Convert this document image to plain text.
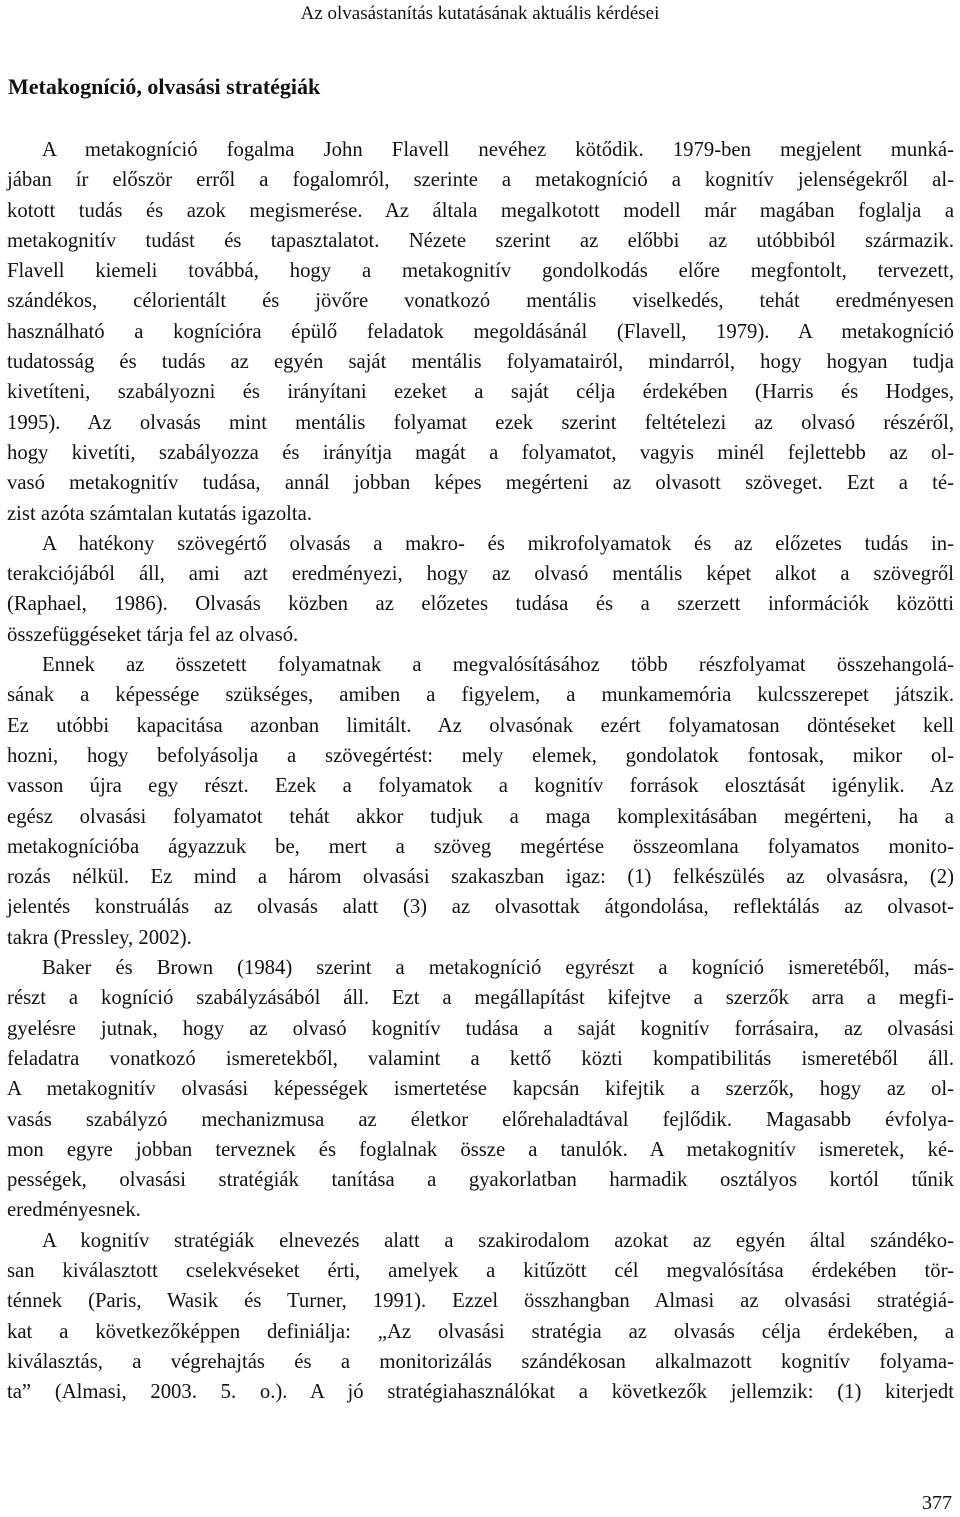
Az olvasástanítás kutatásának aktuális kérdései
Metakogníció, olvasási stratégiák

A metakogníció fogalma John Flavell nevéhez kötődik. 1979-ben megjelent munká-
jában ír először erről a fogalomról, szerinte a metakogníció a kognitív jelenségekről al-
kotott tudás és azok megismerése. Az általa megalkotott modell már magában foglalja a
metakognitív tudást és tapasztalatot. Nézete szerint az előbbi az utóbbiból származik.
Flavell kiemeli továbbá, hogy a metakognitív gondolkodás előre megfontolt, tervezett,
szándékos, célorientált és jövőre vonatkozó mentális viselkedés, tehát eredményesen
használható a kognícióra épülő feladatok megoldásánál (Flavell, 1979). A metakogníció
tudatosság és tudás az egyén saját mentális folyamatairól, mindarról, hogy hogyan tudja
kivetíteni, szabályozni és irányítani ezeket a saját célja érdekében (Harris és Hodges,
1995). Az olvasás mint mentális folyamat ezek szerint feltételezi az olvasó részéről,
hogy kivetíti, szabályozza és irányítja magát a folyamatot, vagyis minél fejlettebb az ol-
vasó metakognitív tudása, annál jobban képes megérteni az olvasott szöveget. Ezt a té-
zist azóta számtalan kutatás igazolta.

A hatékony szövegértő olvasás a makro- és mikrofolyamatok és az előzetes tudás in-
terakciójából áll, ami azt eredményezi, hogy az olvasó mentális képet alkot a szövegről
(Raphael, 1986). Olvasás közben az előzetes tudása és a szerzett információk közötti
összefüggéseket tárja fel az olvasó.

Ennek az összetett folyamatnak a megvalósításához több részfolyamat összehangolá-
sának a képessége szükséges, amiben a figyelem, a munkamemória kulcsszerepet játszik.
Ez utóbbi kapacitása azonban limitált. Az olvasónak ezért folyamatosan döntéseket kell
hozni, hogy befolyásolja a szövegértést: mely elemek, gondolatok fontosak, mikor ol-
vasson újra egy részt. Ezek a folyamatok a kognitív források elosztását igénylik. Az
egész olvasási folyamatot tehát akkor tudjuk a maga komplexitásában megérteni, ha a
metakognícióba ágyazzuk be, mert a szöveg megértése összeomlana folyamatos monito-
rozás nélkül. Ez mind a három olvasási szakaszban igaz: (1) felkészülés az olvasásra, (2)
jelentés konstruálás az olvasás alatt (3) az olvasottak átgondolása, reflektálás az olvasot-
takra (Pressley, 2002).

Baker és Brown (1984) szerint a metakogníció egyrészt a kogníció ismeretéből, más-
részt a kogníció szabályzásából áll. Ezt a megállapítást kifejtve a szerzők arra a megfi-
gyelésre jutnak, hogy az olvasó kognitív tudása a saját kognitív forrásaira, az olvasási
feladatra vonatkozó ismeretekből, valamint a kettő közti kompatibilitás ismeretéből áll.
A metakognitív olvasási képességek ismertetése kapcsán kifejtik a szerzők, hogy az ol-
vasás szabályzó mechanizmusa az életkor előrehaladtával fejlődik. Magasabb évfolya-
mon egyre jobban terveznek és foglalnak össze a tanulók. A metakognitív ismeretek, ké-
pességek, olvasási stratégiák tanítása a gyakorlatban harmadik osztályos kortól tűnik
eredményesnek.

A kognitív stratégiák elnevezés alatt a szakirodalom azokat az egyén által szándéko-
san kiválasztott cselekvéseket érti, amelyek a kitűzött cél megvalósítása érdekében tör-
ténnek (Paris, Wasik és Turner, 1991). Ezzel összhangban Almasi az olvasási stratégiá-
kat a következőképpen definiálja: „Az olvasási stratégia az olvasás célja érdekében, a
kiválasztás, a végrehajtás és a monitorizálás szándékosan alkalmazott kognitív folyama-
ta” (Almasi, 2003. 5. o.). A jó stratégiahasználókat a következők jellemzik: (1) kiterjedt

377
